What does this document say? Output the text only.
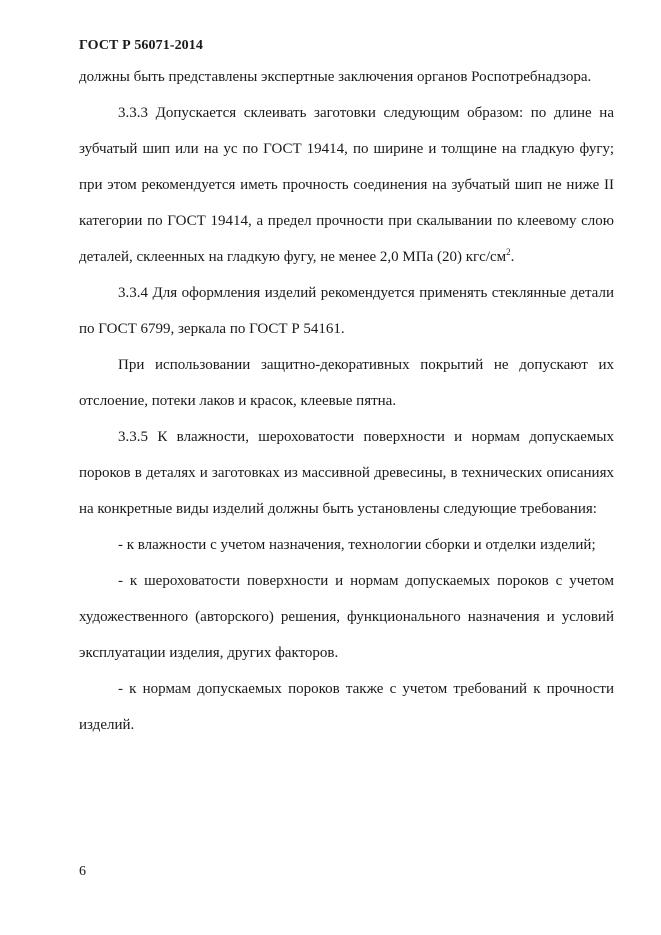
ГОСТ Р 56071-2014

должны быть представлены экспертные заключения органов Роспотребнадзора.

3.3.3 Допускается склеивать заготовки следующим образом: по длине на зубчатый шип или на ус по ГОСТ 19414, по ширине и толщине на гладкую фугу; при этом рекомендуется иметь прочность соединения на зубчатый шип не ниже II категории по ГОСТ 19414, а предел прочности при скалывании по клеевому слою деталей, склеенных на гладкую фугу, не менее 2,0 МПа (20) кгс/$см^2$.

3.3.4 Для оформления изделий рекомендуется применять стеклянные детали по ГОСТ 6799, зеркала по ГОСТ Р 54161.

При использовании защитно-декоративных покрытий не допускают их отслоение, потеки лаков и красок, клеевые пятна.

3.3.5 К влажности, шероховатости поверхности и нормам допускаемых пороков в деталях и заготовках из массивной древесины, в технических описаниях на конкретные виды изделий должны быть установлены следующие требования:

- к влажности с учетом назначения, технологии сборки и отделки изделий;

- к шероховатости поверхности и нормам допускаемых пороков с учетом художественного (авторского) решения, функционального назначения и условий эксплуатации изделия, других факторов.

- к нормам допускаемых пороков также с учетом требований к прочности изделий.

6
